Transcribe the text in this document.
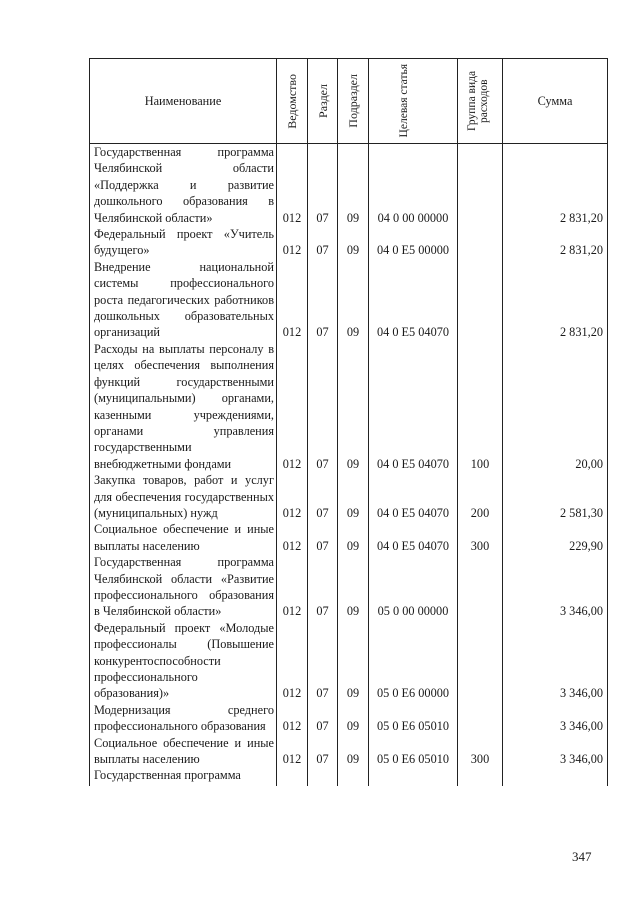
Наименование	Ведомство	Раздел	Подраздел	Целевая статья	Группа вида расходов	Сумма
Государственная программа Челябинской области «Поддержка и развитие дошкольного образования в Челябинской области»	012	07	09	04 0 00 00000		2 831,20
Федеральный проект «Учитель будущего»	012	07	09	04 0 Е5 00000		2 831,20
Внедрение национальной системы профессионального роста педагогических работников дошкольных образовательных организаций	012	07	09	04 0 Е5 04070		2 831,20
Расходы на выплаты персоналу в целях обеспечения выполнения функций государственными (муниципальными) органами, казенными учреждениями, органами управления государственными внебюджетными фондами	012	07	09	04 0 Е5 04070	100	20,00
Закупка товаров, работ и услуг для обеспечения государственных (муниципальных) нужд	012	07	09	04 0 Е5 04070	200	2 581,30
Социальное обеспечение и иные выплаты населению	012	07	09	04 0 Е5 04070	300	229,90
Государственная программа Челябинской области «Развитие профессионального образования в Челябинской области»	012	07	09	05 0 00 00000		3 346,00
Федеральный проект «Молодые профессионалы (Повышение конкурентоспособности профессионального образования)»	012	07	09	05 0 Е6 00000		3 346,00
Модернизация среднего профессионального образования	012	07	09	05 0 Е6 05010		3 346,00
Социальное обеспечение и иные выплаты населению	012	07	09	05 0 Е6 05010	300	3 346,00
Государственная программа						
347
